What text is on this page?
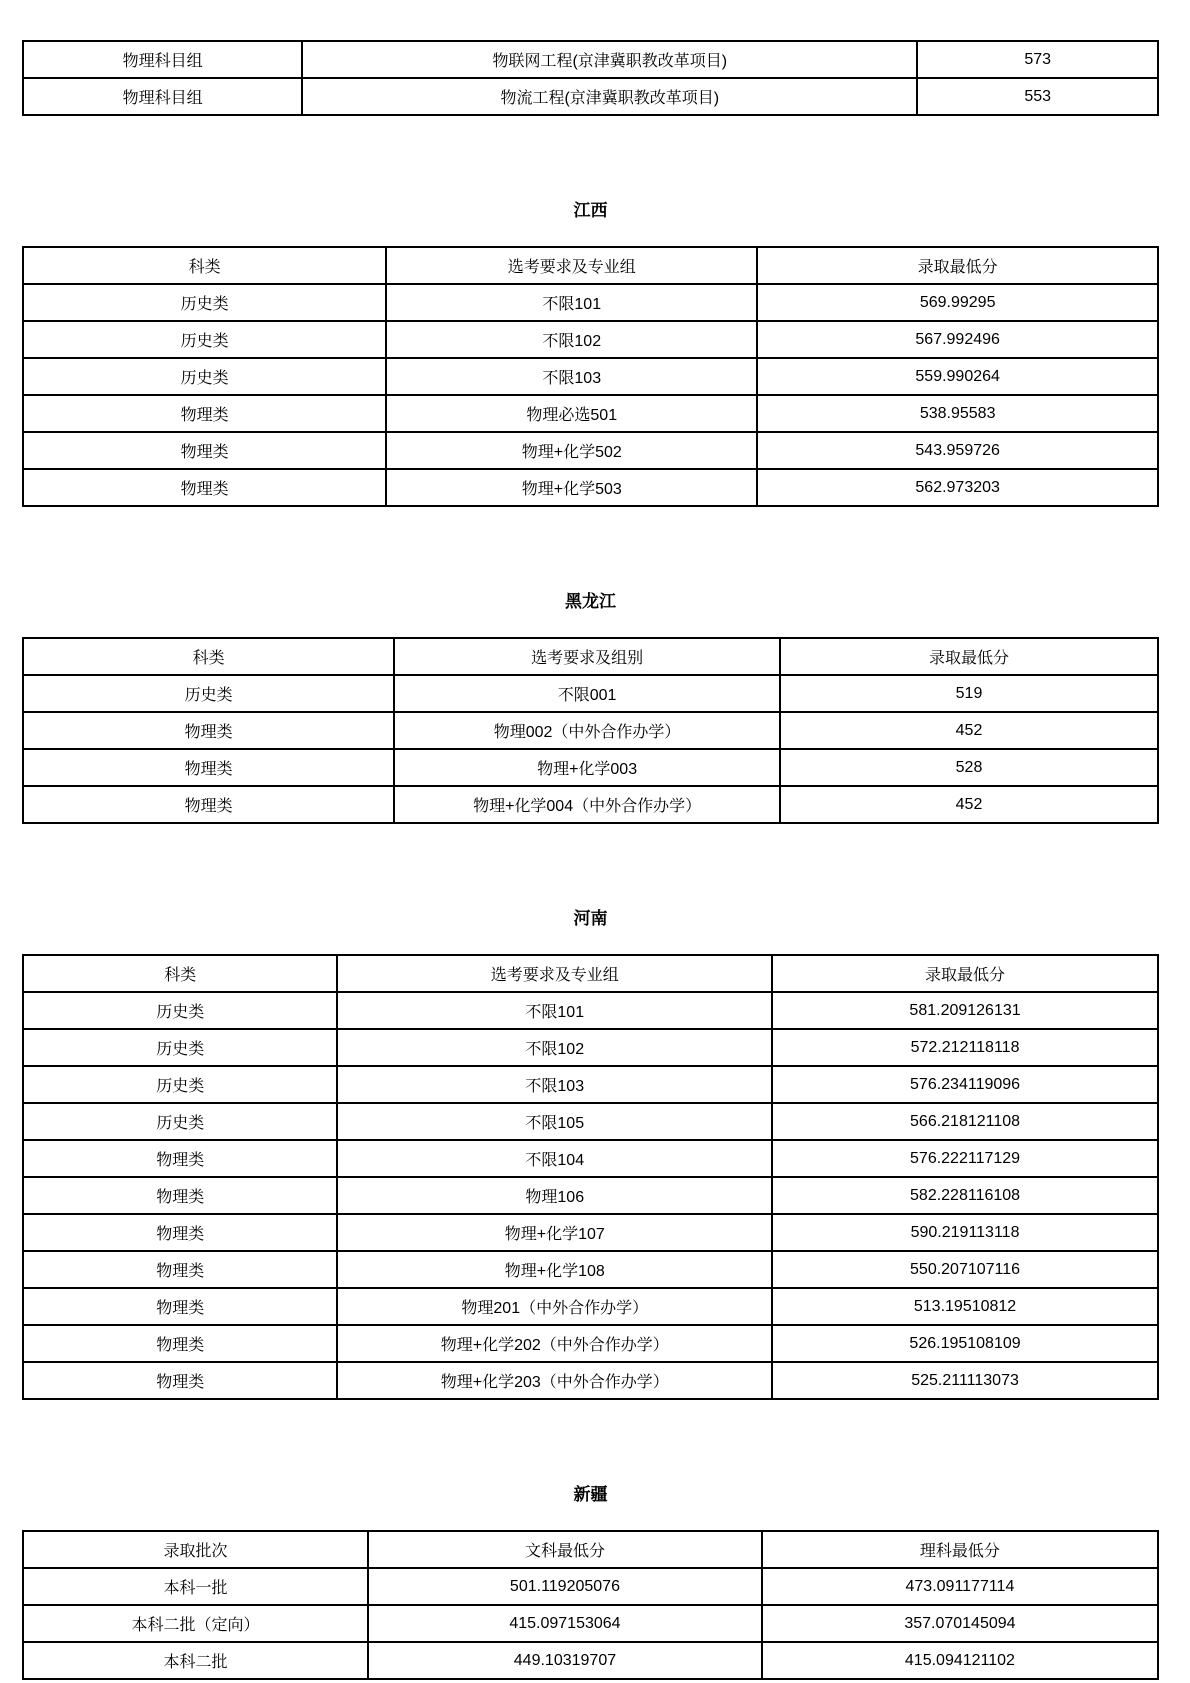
物理科目组	物联网工程(京津冀职教改革项目)	573
物理科目组	物流工程(京津冀职教改革项目)	553
江西
科类	选考要求及专业组	录取最低分
历史类	不限101	569.99295
历史类	不限102	567.992496
历史类	不限103	559.990264
物理类	物理必选501	538.95583
物理类	物理+化学502	543.959726
物理类	物理+化学503	562.973203
黑龙江
科类	选考要求及组别	录取最低分
历史类	不限001	519
物理类	物理002（中外合作办学）	452
物理类	物理+化学003	528
物理类	物理+化学004（中外合作办学）	452
河南
科类	选考要求及专业组	录取最低分
历史类	不限101	581.209126131
历史类	不限102	572.212118118
历史类	不限103	576.234119096
历史类	不限105	566.218121108
物理类	不限104	576.222117129
物理类	物理106	582.228116108
物理类	物理+化学107	590.219113118
物理类	物理+化学108	550.207107116
物理类	物理201（中外合作办学）	513.19510812
物理类	物理+化学202（中外合作办学）	526.195108109
物理类	物理+化学203（中外合作办学）	525.211113073
新疆
录取批次	文科最低分	理科最低分
本科一批	501.119205076	473.091177114
本科二批（定向）	415.097153064	357.070145094
本科二批	449.10319707	415.094121102
